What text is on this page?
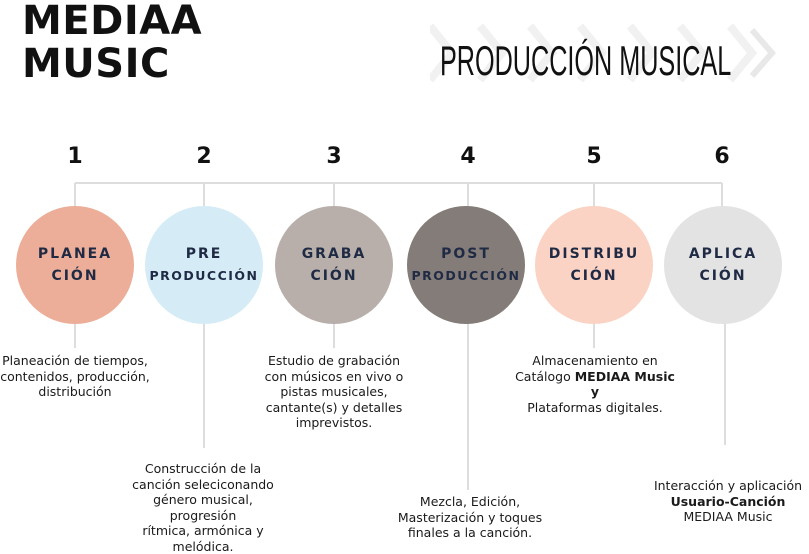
MEDIAA
MUSIC	PRODUCCIÓN MUSICAL
1	2	3	4	5	6
PLANEA
CIÓN
PRE
PRODUCCIÓN
GRABA
CIÓN
POST
PRODUCCIÓN
DISTRIBU
CIÓN
APLICA
CIÓN
Planeación de tiempos,
contenidos, producción,
distribución
Construcción de la
canción seleciconando
género musical, progresión
rítmica, armónica y
melódica.
Estudio de grabación
con músicos en vivo o
pistas musicales,
cantante(s) y detalles
imprevistos.
Mezcla, Edición,
Masterización y toques
finales a la canción.
Almacenamiento en
Catálogo MEDIAA Music y
Plataformas digitales.
Interacción y aplicación
Usuario-Canción
MEDIAA Music
